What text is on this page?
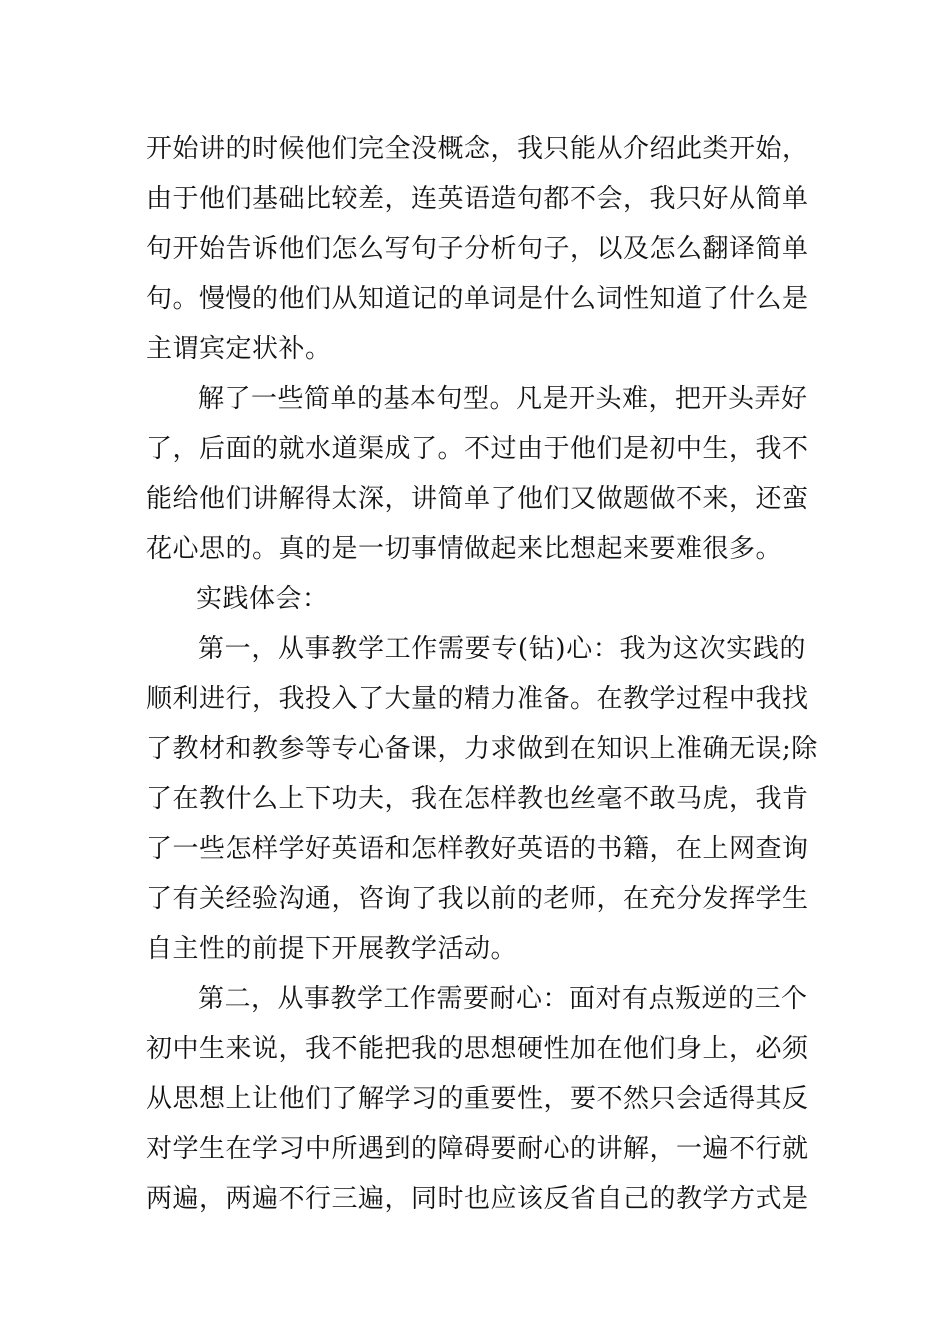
开始讲的时候他们完全没概念，我只能从介绍此类开始，
由于他们基础比较差，连英语造句都不会，我只好从简单
句开始告诉他们怎么写句子分析句子，以及怎么翻译简单
句。慢慢的他们从知道记的单词是什么词性知道了什么是
主谓宾定状补。
解了一些简单的基本句型。凡是开头难，把开头弄好
了，后面的就水道渠成了。不过由于他们是初中生，我不
能给他们讲解得太深，讲简单了他们又做题做不来，还蛮
花心思的。真的是一切事情做起来比想起来要难很多。
实践体会：
第一，从事教学工作需要专(钻)心：我为这次实践的
顺利进行，我投入了大量的精力准备。在教学过程中我找
了教材和教参等专心备课，力求做到在知识上准确无误;除
了在教什么上下功夫，我在怎样教也丝毫不敢马虎，我肯
了一些怎样学好英语和怎样教好英语的书籍，在上网查询
了有关经验沟通，咨询了我以前的老师，在充分发挥学生
自主性的前提下开展教学活动。
第二，从事教学工作需要耐心：面对有点叛逆的三个
初中生来说，我不能把我的思想硬性加在他们身上，必须
从思想上让他们了解学习的重要性，要不然只会适得其反
对学生在学习中所遇到的障碍要耐心的讲解，一遍不行就
两遍，两遍不行三遍，同时也应该反省自己的教学方式是
